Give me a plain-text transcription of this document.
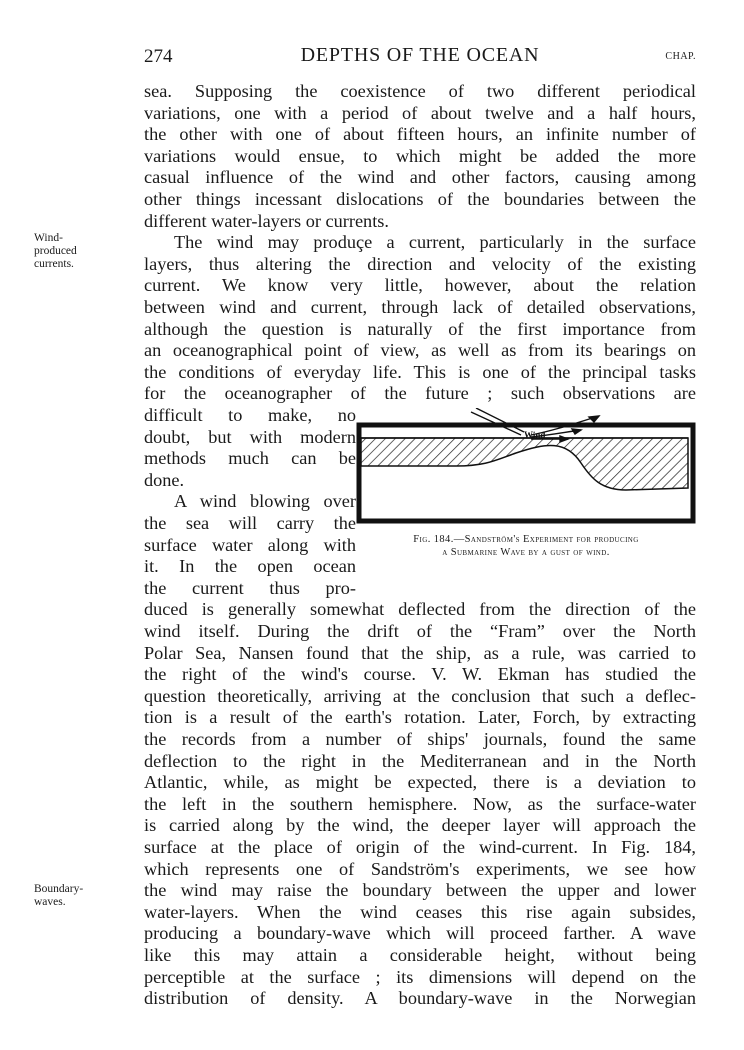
274	DEPTHS OF THE OCEAN	CHAP.
Wind-
produced
currents.
Boundary-
waves.
sea. Supposing the coexistence of two different periodical
variations, one with a period of about twelve and a half hours,
the other with one of about fifteen hours, an infinite number of
variations would ensue, to which might be added the more
casual influence of the wind and other factors, causing among
other things incessant dislocations of the boundaries between the
different water-layers or currents.
The wind may produçe a current, particularly in the surface
layers, thus altering the direction and velocity of the existing
current. We know very little, however, about the relation
between wind and current, through lack of detailed observations,
although the question is naturally of the first importance from
an oceanographical point of view, as well as from its bearings on
the conditions of everyday life. This is one of the principal tasks
for the oceanographer of the future ; such observations are
difficult to make, no
doubt, but with modern
methods much can be
done.
A wind blowing over
the sea will carry the
surface water along with
it. In the open ocean
the current thus pro-
duced is generally somewhat deflected from the direction of the
wind itself. During the drift of the “Fram” over the North
Polar Sea, Nansen found that the ship, as a rule, was carried to
the right of the wind's course. V. W. Ekman has studied the
question theoretically, arriving at the conclusion that such a deflec-
tion is a result of the earth's rotation. Later, Forch, by extracting
the records from a number of ships' journals, found the same
deflection to the right in the Mediterranean and in the North
Atlantic, while, as might be expected, there is a deviation to
the left in the southern hemisphere. Now, as the surface-water
is carried along by the wind, the deeper layer will approach the
surface at the place of origin of the wind-current. In Fig. 184,
which represents one of Sandström's experiments, we see how
the wind may raise the boundary between the upper and lower
water-layers. When the wind ceases this rise again subsides,
producing a boundary-wave which will proceed farther. A wave
like this may attain a considerable height, without being
perceptible at the surface ; its dimensions will depend on the
distribution of density. A boundary-wave in the Norwegian
Wind
Fig. 184.—Sandström's Experiment for producing
a Submarine Wave by a gust of wind.
